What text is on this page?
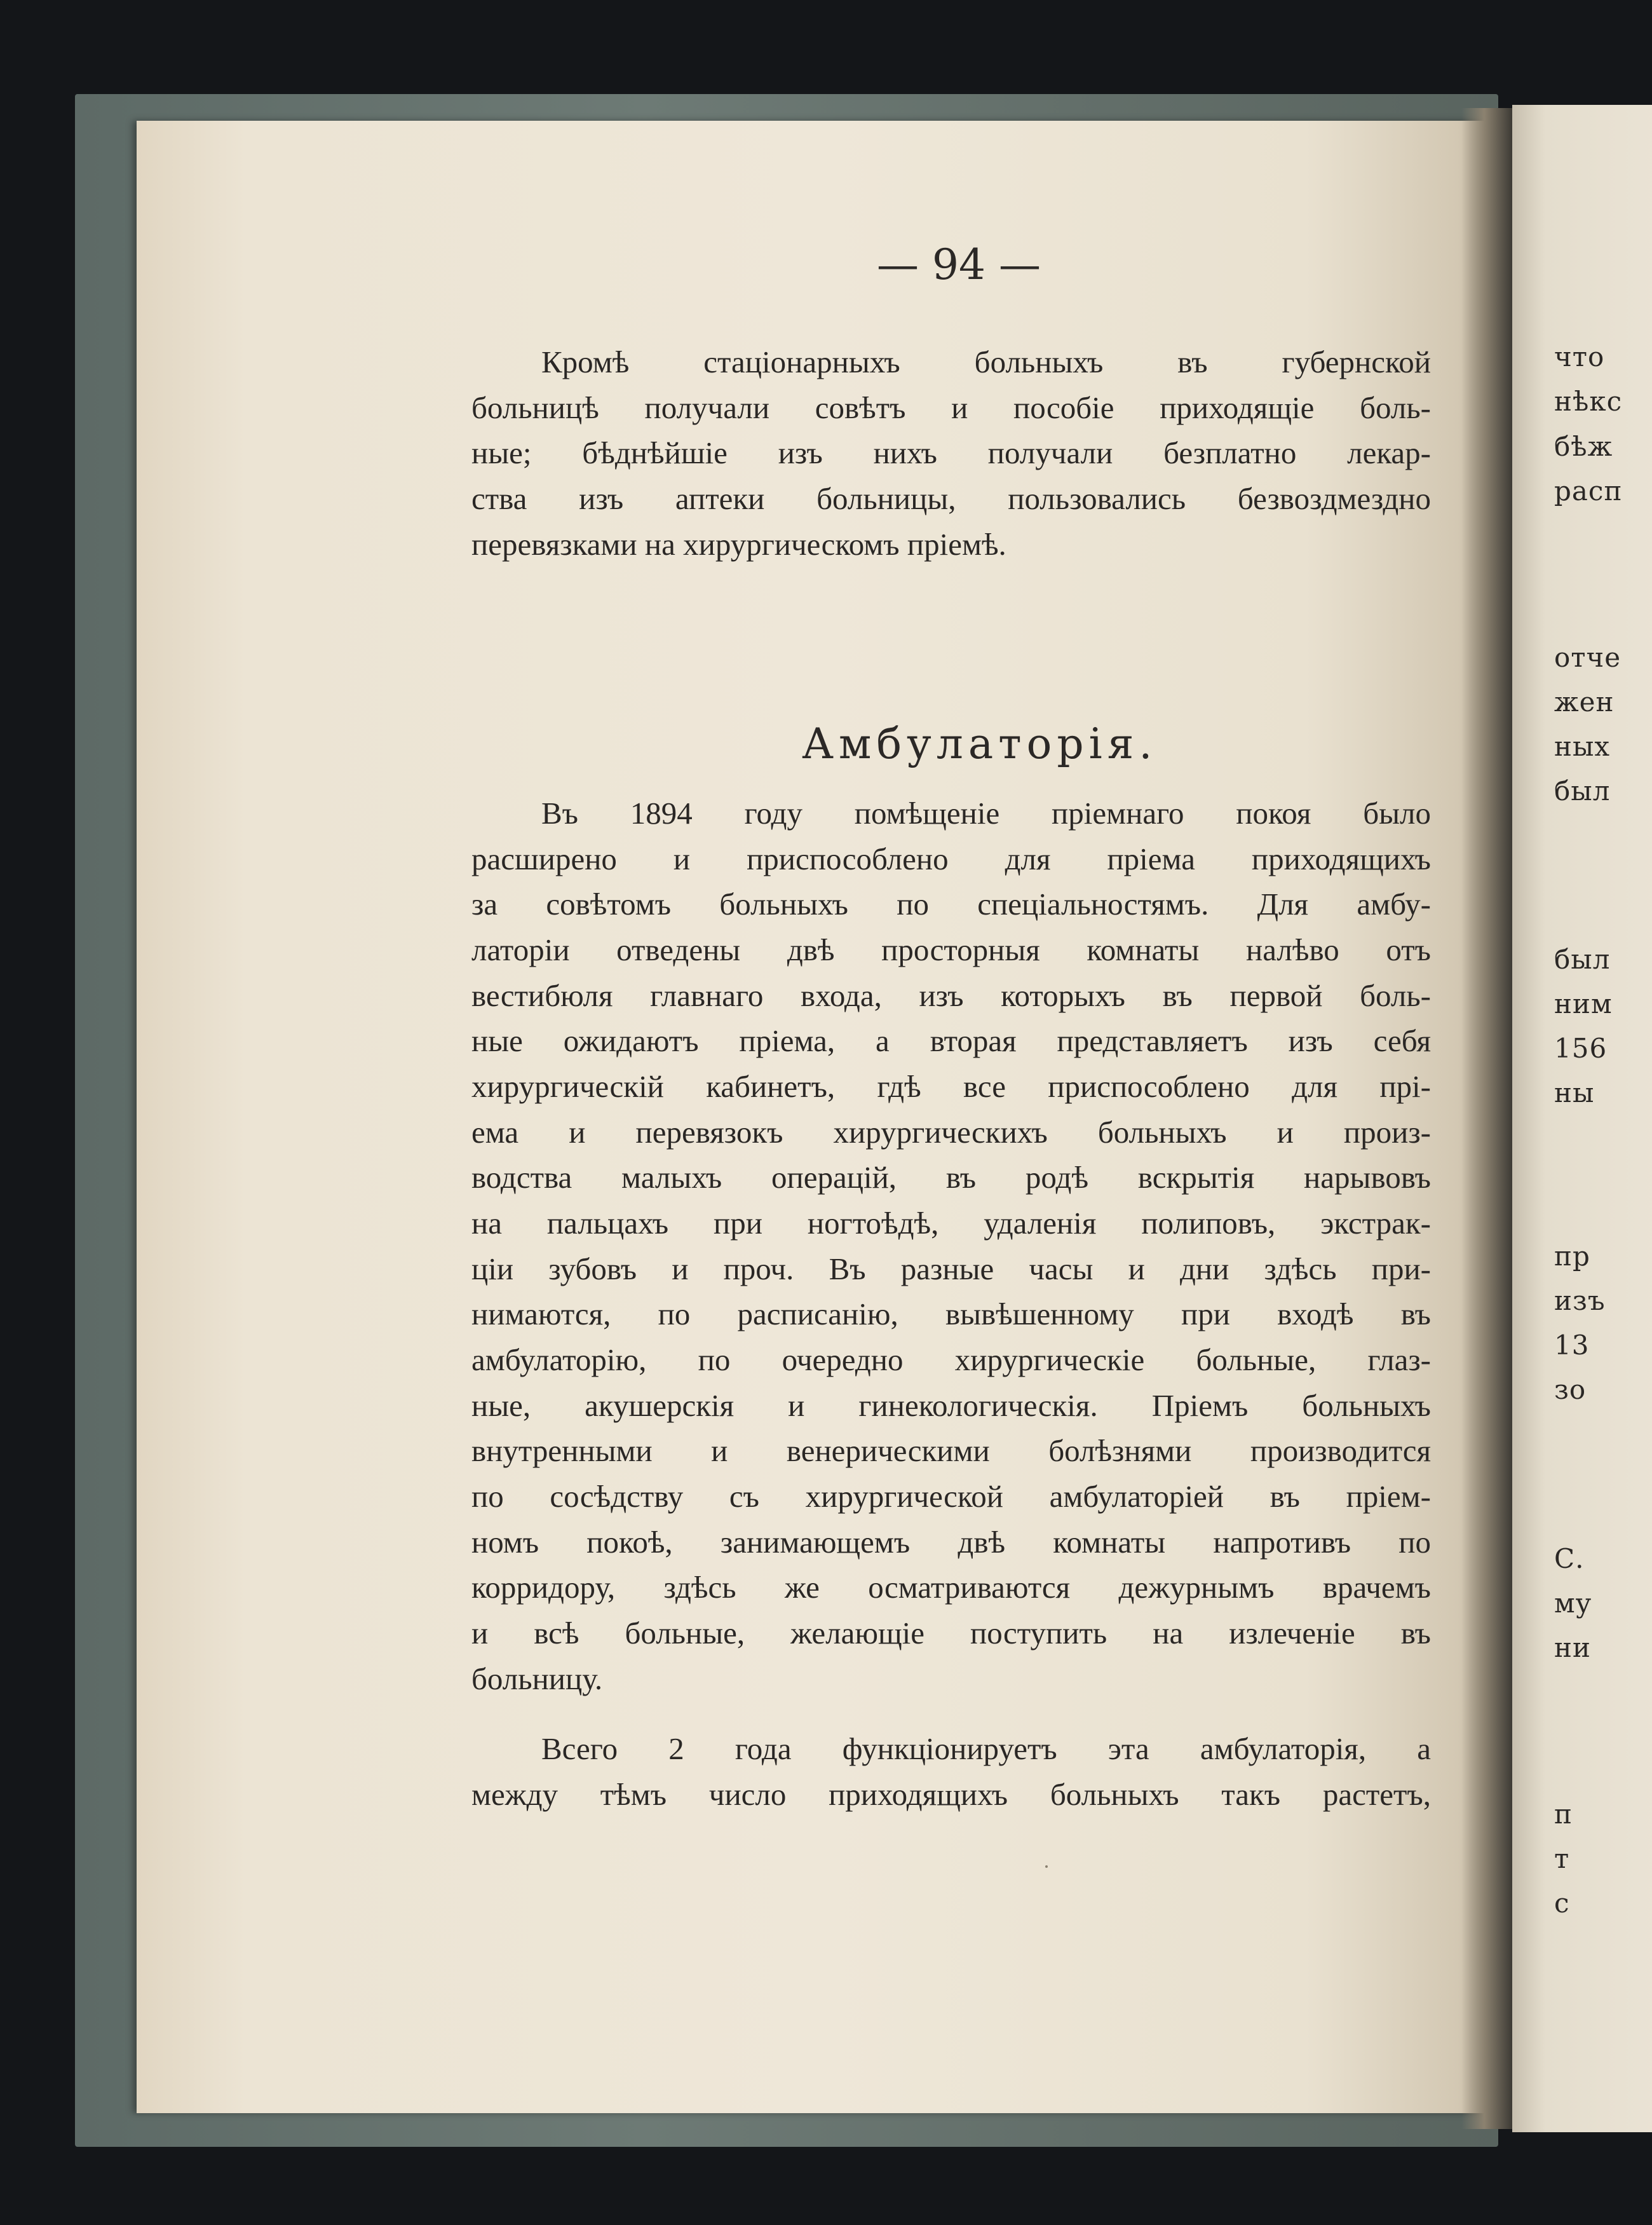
что
нѣкс
бѣж
расп
отче
жен
ных
был
был
ним
156
ны
пр
изъ
13
зо
С.
му
ни
п
т
с
— 94 —
Кромѣ стаціонарныхъ больныхъ въ губернской
больницѣ получали совѣтъ и пособіе приходящіе боль-
ные; бѣднѣйшіе изъ нихъ получали безплатно лекар-
ства изъ аптеки больницы, пользовались безвоздмездно
перевязками на хирургическомъ пріемѣ.
Амбулаторія.
Въ 1894 году помѣщеніе пріемнаго покоя было
расширено и приспособлено для пріема приходящихъ
за совѣтомъ больныхъ по спеціальностямъ. Для амбу-
латоріи отведены двѣ просторныя комнаты налѣво отъ
вестибюля главнаго входа, изъ которыхъ въ первой боль-
ные ожидаютъ пріема, а вторая представляетъ изъ себя
хирургическій кабинетъ, гдѣ все приспособлено для прі-
ема и перевязокъ хирургическихъ больныхъ и произ-
водства малыхъ операцій, въ родѣ вскрытія нарывовъ
на пальцахъ при ногтоѣдѣ, удаленія полиповъ, экстрак-
ціи зубовъ и проч. Въ разные часы и дни здѣсь при-
нимаются, по расписанію, вывѣшенному при входѣ въ
амбулаторію, по очередно хирургическіе больные, глаз-
ные, акушерскія и гинекологическія. Пріемъ больныхъ
внутренными и венерическими болѣзнями производится
по сосѣдству съ хирургической амбулаторіей въ пріем-
номъ покоѣ, занимающемъ двѣ комнаты напротивъ по
корридору, здѣсь же осматриваются дежурнымъ врачемъ
и всѣ больные, желающіе поступить на излеченіе въ
больницу.
Всего 2 года функціонируетъ эта амбулаторія, а
между тѣмъ число приходящихъ больныхъ такъ растетъ,
